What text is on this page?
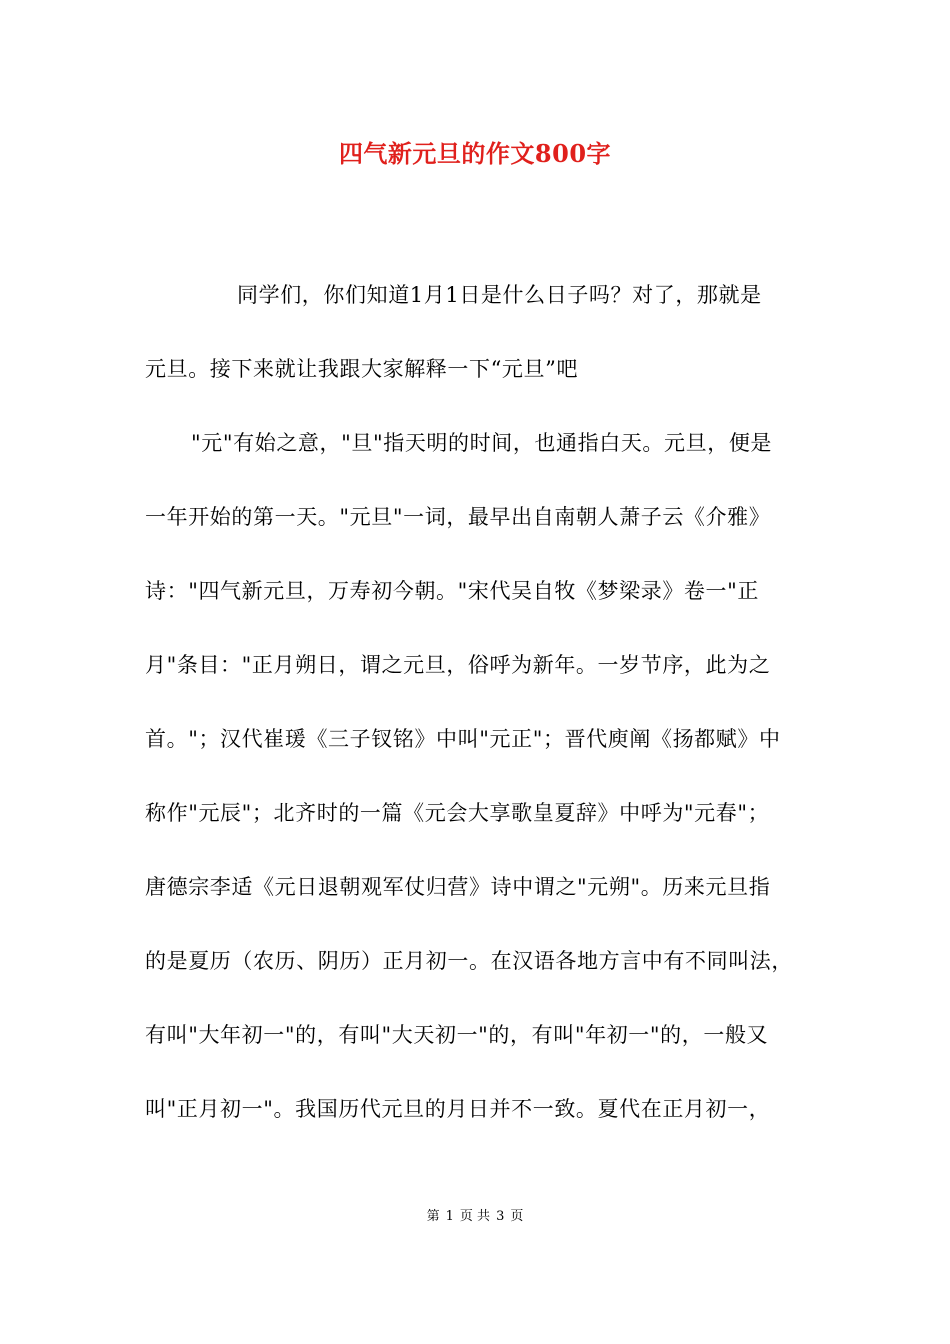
四气新元旦的作文800字
同学们，你们知道1月1日是什么日子吗？对了，那就是
元旦。接下来就让我跟大家解释一下“元旦”吧
"元"有始之意，"旦"指天明的时间，也通指白天。元旦，便是
一年开始的第一天。"元旦"一词，最早出自南朝人萧子云《介雅》
诗："四气新元旦，万寿初今朝。"宋代吴自牧《梦梁录》卷一"正
月"条目："正月朔日，谓之元旦，俗呼为新年。一岁节序，此为之
首。"；汉代崔瑗《三子钗铭》中叫"元正"；晋代庾阐《扬都赋》中
称作"元辰"；北齐时的一篇《元会大享歌皇夏辞》中呼为"元春"；
唐德宗李适《元日退朝观军仗归营》诗中谓之"元朔"。历来元旦指
的是夏历（农历、阴历）正月初一。在汉语各地方言中有不同叫法，
有叫"大年初一"的，有叫"大天初一"的，有叫"年初一"的，一般又
叫"正月初一"。我国历代元旦的月日并不一致。夏代在正月初一，
第 1 页 共 3 页
